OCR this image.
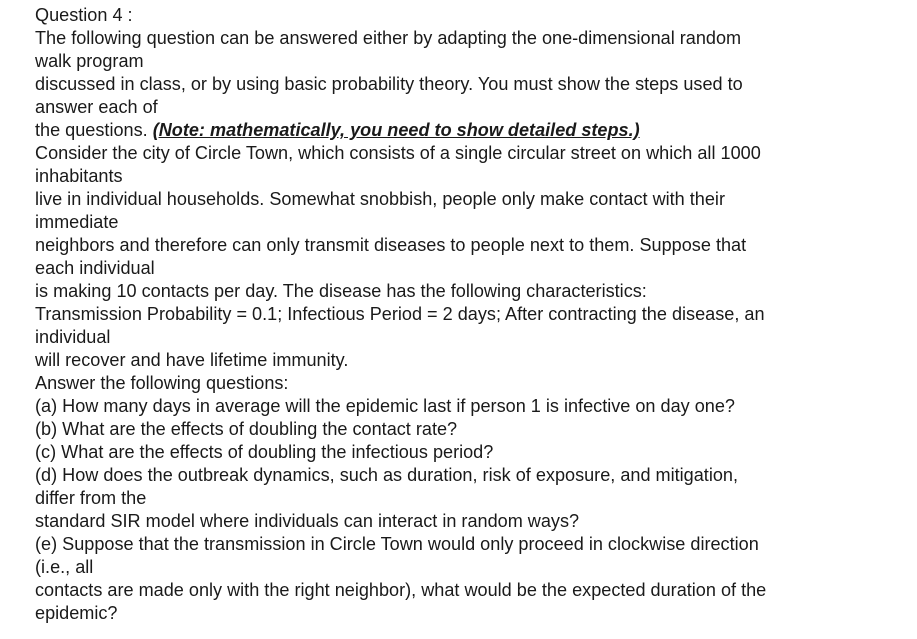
Question 4 :
The following question can be answered either by adapting the one-dimensional random
walk program
discussed in class, or by using basic probability theory. You must show the steps used to
answer each of
the questions. (Note: mathematically, you need to show detailed steps.)
Consider the city of Circle Town, which consists of a single circular street on which all 1000
inhabitants
live in individual households. Somewhat snobbish, people only make contact with their
immediate
neighbors and therefore can only transmit diseases to people next to them. Suppose that
each individual
is making 10 contacts per day. The disease has the following characteristics:
Transmission Probability = 0.1; Infectious Period = 2 days; After contracting the disease, an
individual
will recover and have lifetime immunity.
Answer the following questions:
(a) How many days in average will the epidemic last if person 1 is infective on day one?
(b) What are the effects of doubling the contact rate?
(c) What are the effects of doubling the infectious period?
(d) How does the outbreak dynamics, such as duration, risk of exposure, and mitigation,
differ from the
standard SIR model where individuals can interact in random ways?
(e) Suppose that the transmission in Circle Town would only proceed in clockwise direction
(i.e., all
contacts are made only with the right neighbor), what would be the expected duration of the
epidemic?
